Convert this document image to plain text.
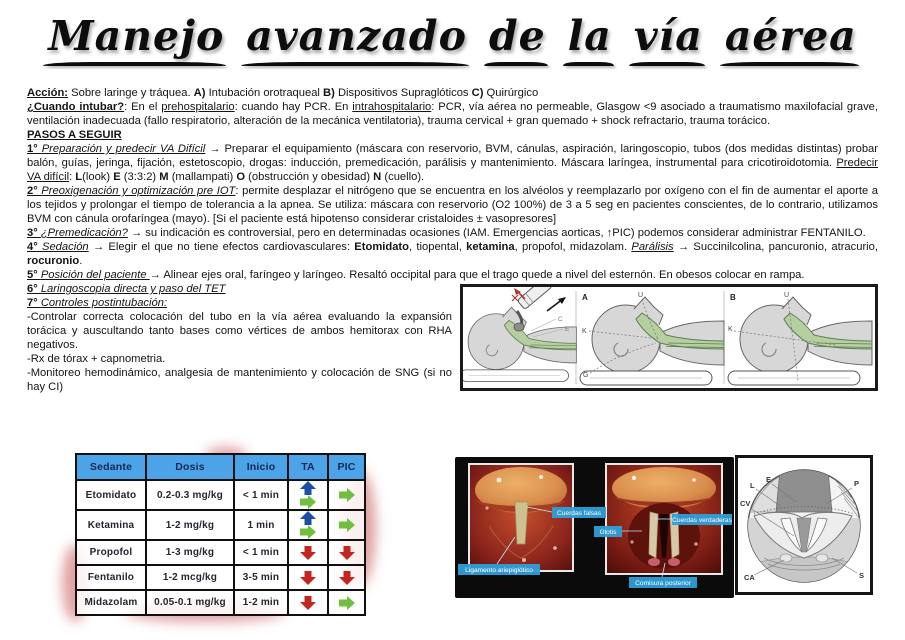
Manejo avanzado de la vía aérea

Acción: Sobre laringe y tráquea. A) Intubación orotraqueal B) Dispositivos Supraglóticos C) Quirúrgico

¿Cuando intubar?: En el prehospitalario: cuando hay PCR. En intrahospitalario: PCR, vía aérea no permeable, Glasgow <9 asociado a traumatismo maxilofacial grave, ventilación inadecuada (fallo respiratorio, alteración de la mecánica ventilatoria), trauma cervical + gran quemado + shock refractario, trauma torácico.

PASOS A SEGUIR

1° Preparación y predecir VA Difícil → Preparar el equipamiento (máscara con reservorio, BVM, cánulas, aspiración, laringoscopio, tubos (dos medidas distintas) probar balón, guías, jeringa, fijación, estetoscopio, drogas: inducción, premedicación, parálisis y mantenimiento. Máscara laríngea, instrumental para cricotiroidotomia. Predecir VA difícil: L(look) E (3:3:2) M (mallampati) O (obstrucción y obesidad) N (cuello).

2° Preoxigenación y optimización pre IOT: permite desplazar el nitrógeno que se encuentra en los alvéolos y reemplazarlo por oxígeno con el fin de aumentar el aporte a los tejidos y prolongar el tiempo de tolerancia a la apnea. Se utiliza: máscara con reservorio (O2 100%) de 3 a 5 seg en pacientes conscientes, de lo contrario, utilizamos BVM con cánula orofaríngea (mayo). [Si el paciente está hipotenso considerar cristaloides ± vasopresores]

3° ¿Premedicación? → su indicación es controversial, pero en determinadas ocasiones (IAM. Emergencias aorticas, ↑PIC) podemos considerar administrar FENTANILO.

4° Sedación → Elegir el que no tiene efectos cardiovasculares: Etomidato, tiopental, ketamina, propofol, midazolam. Parálisis → Succinilcolina, pancuronio, atracurio, rocuronio.

5° Posición del paciente → Alinear ejes oral, faríngeo y laríngeo. Resaltó occipital para que el trago quede a nivel del esternón. En obesos colocar en rampa.

C
E
A	U
K
G
B	U
K

6° Laringoscopia directa y paso del TET

7° Controles postintubación:

-Controlar correcta colocación del tubo en la vía aérea evaluando la expansión torácica y auscultando tanto bases como vértices de ambos hemitorax con RHA negativos.

-Rx de tórax + capnometria.

-Monitoreo hemodinámico, analgesia de mantenimiento y colocación de SNG (si no hay CI)

Sedante	Dosis	Inicio	TA	PIC
Etomidato	0.2-0.3 mg/kg	< 1 min		
Ketamina	1-2 mg/kg	1 min		
Propofol	1-3 mg/kg	< 1 min		
Fentanilo	1-2 mcg/kg	3-5 min		
Midazolam	0.05-0.1 mg/kg	1-2 min		
Cuerdas falsas
Ligamento ariepiglótico
Glotis
Cuerdas verdaderas
Comisura posterior
L
E
CV
P
CA	S
